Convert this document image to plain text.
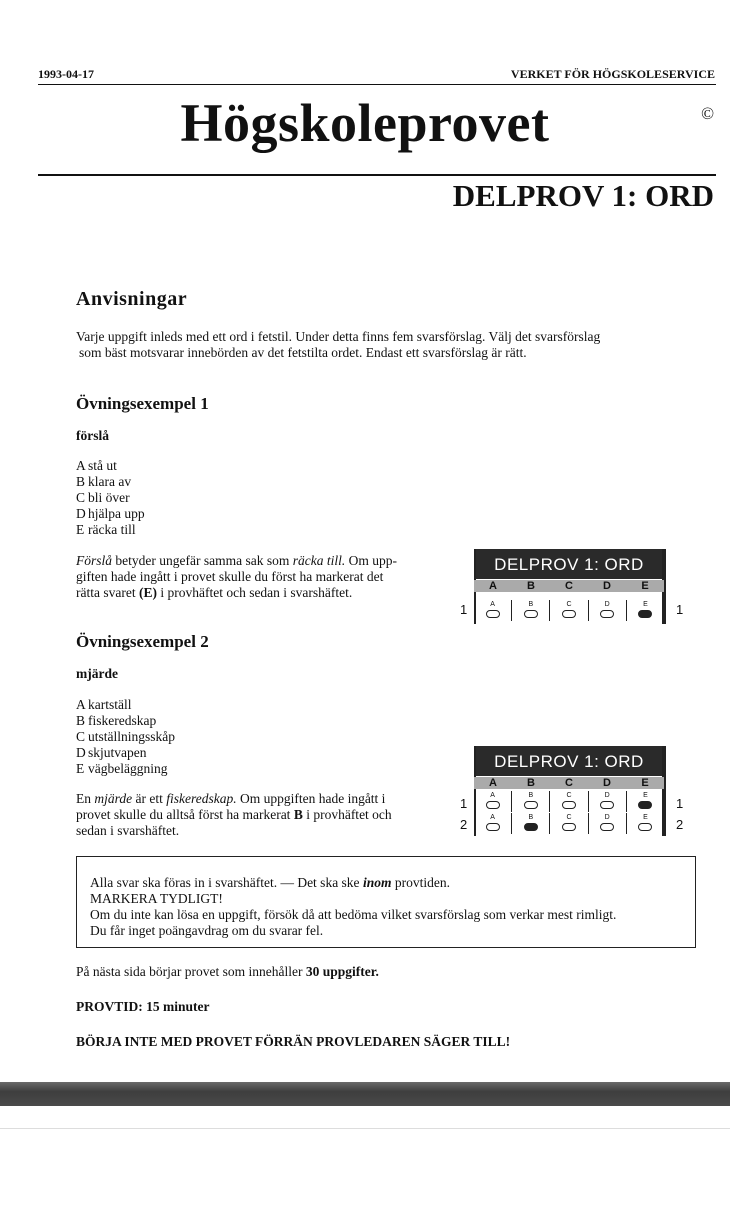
1993-04-17	VERKET FÖR HÖGSKOLESERVICE
Högskoleprovet	©
DELPROV 1: ORD
Anvisningar
Varje uppgift inleds med ett ord i fetstil. Under detta finns fem svarsförslag. Välj det svarsförslag
som bäst motsvarar innebörden av det fetstilta ordet. Endast ett svarsförslag är rätt.
Övningsexempel 1
förslå
A stå ut
B klara av
C bli över
D hjälpa upp
E räcka till
Förslå betyder ungefär samma sak som räcka till. Om upp-
giften hade ingått i provet skulle du först ha markerat det
rätta svaret (E) i provhäftet och sedan i svarshäftet.
DELPROV 1: ORD
A	B	C	D	E
A	B	C	D	E
1	1
Övningsexempel 2
mjärde
A kartställ
B fiskeredskap
C utställningsskåp
D skjutvapen
E vägbeläggning
En mjärde är ett fiskeredskap. Om uppgiften hade ingått i
provet skulle du alltså först ha markerat B i provhäftet och
sedan i svarshäftet.
DELPROV 1: ORD
A	B	C	D	E
A	B	C	D	E
A	B	C	D	E
1	1
2	2
Alla svar ska föras in i svarshäftet. — Det ska ske inom provtiden.
MARKERA TYDLIGT!
Om du inte kan lösa en uppgift, försök då att bedöma vilket svarsförslag som verkar mest rimligt.
Du får inget poängavdrag om du svarar fel.
På nästa sida börjar provet som innehåller 30 uppgifter.
PROVTID: 15 minuter
BÖRJA INTE MED PROVET FÖRRÄN PROVLEDAREN SÄGER TILL!
